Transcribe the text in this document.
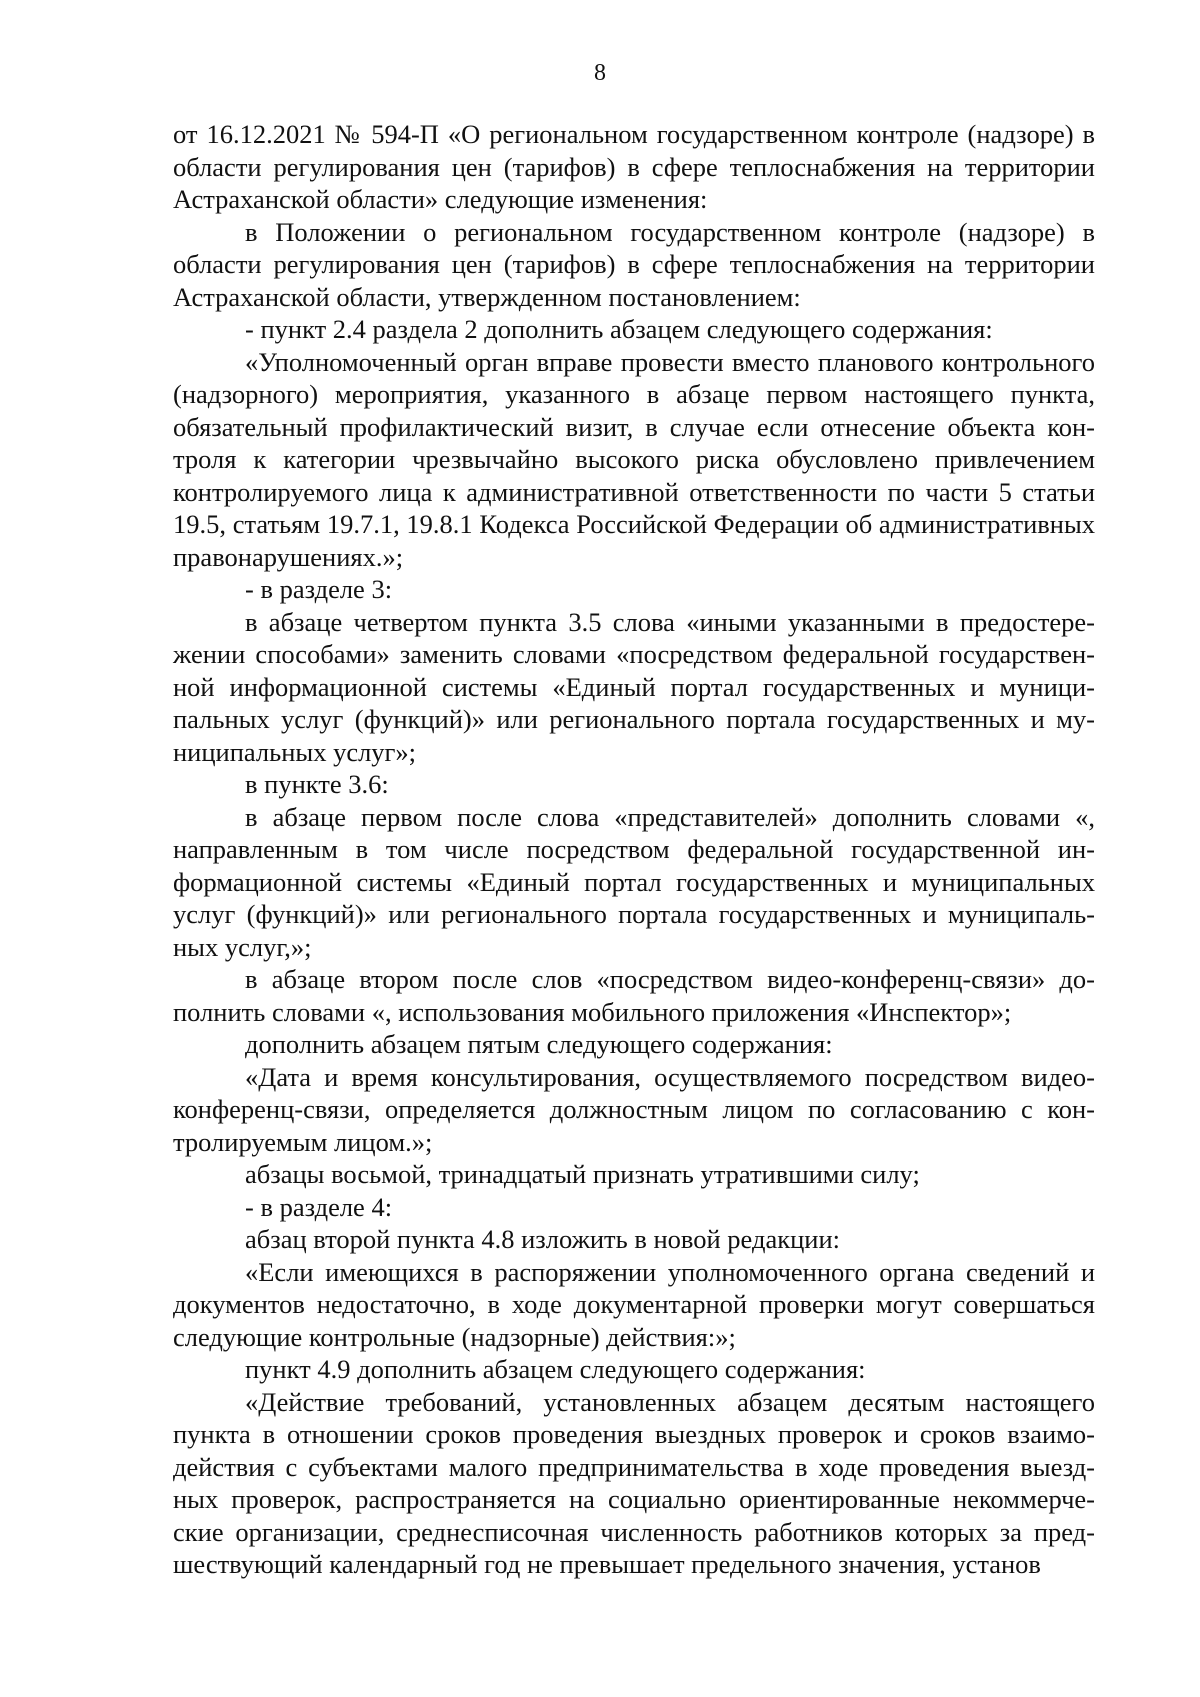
8

от 16.12.2021 № 594-П «О региональном государственном контроле (надзоре) в области регулирования цен (тарифов) в сфере теплоснабжения на территории Астраханской области» следующие изменения:

в Положении о региональном государственном контроле (надзоре) в области регулирования цен (тарифов) в сфере теплоснабжения на территории Астраханской области, утвержденном постановлением:

- пункт 2.4 раздела 2 дополнить абзацем следующего содержания:

«Уполномоченный орган вправе провести вместо планового контрольного (надзорного) мероприятия, указанного в абзаце первом настоящего пункта, обязательный профилактический визит, в случае если отнесение объекта контроля к категории чрезвычайно высокого риска обусловлено привлечением контролируемого лица к административной ответственности по части 5 статьи 19.5, статьям 19.7.1, 19.8.1 Кодекса Российской Федерации об административных правонарушениях.»;

- в разделе 3:

в абзаце четвертом пункта 3.5 слова «иными указанными в предостережении способами» заменить словами «посредством федеральной государственной информационной системы «Единый портал государственных и муниципальных услуг (функций)» или регионального портала государственных и муниципальных услуг»;

в пункте 3.6:

в абзаце первом после слова «представителей» дополнить словами «, направленным в том числе посредством федеральной государственной информационной системы «Единый портал государственных и муниципальных услуг (функций)» или регионального портала государственных и муниципальных услуг,»;

в абзаце втором после слов «посредством видео-конференц-связи» дополнить словами «, использования мобильного приложения «Инспектор»;

дополнить абзацем пятым следующего содержания:

«Дата и время консультирования, осуществляемого посредством видеоконференц-связи, определяется должностным лицом по согласованию с контролируемым лицом.»;

абзацы восьмой, тринадцатый признать утратившими силу;

- в разделе 4:

абзац второй пункта 4.8 изложить в новой редакции:

«Если имеющихся в распоряжении уполномоченного органа сведений и документов недостаточно, в ходе документарной проверки могут совершаться следующие контрольные (надзорные) действия:»;

пункт 4.9 дополнить абзацем следующего содержания:

«Действие требований, установленных абзацем десятым настоящего пункта в отношении сроков проведения выездных проверок и сроков взаимодействия с субъектами малого предпринимательства в ходе проведения выездных проверок, распространяется на социально ориентированные некоммерческие организации, среднесписочная численность работников которых за предшествующий календарный год не превышает предельного значения, установ
